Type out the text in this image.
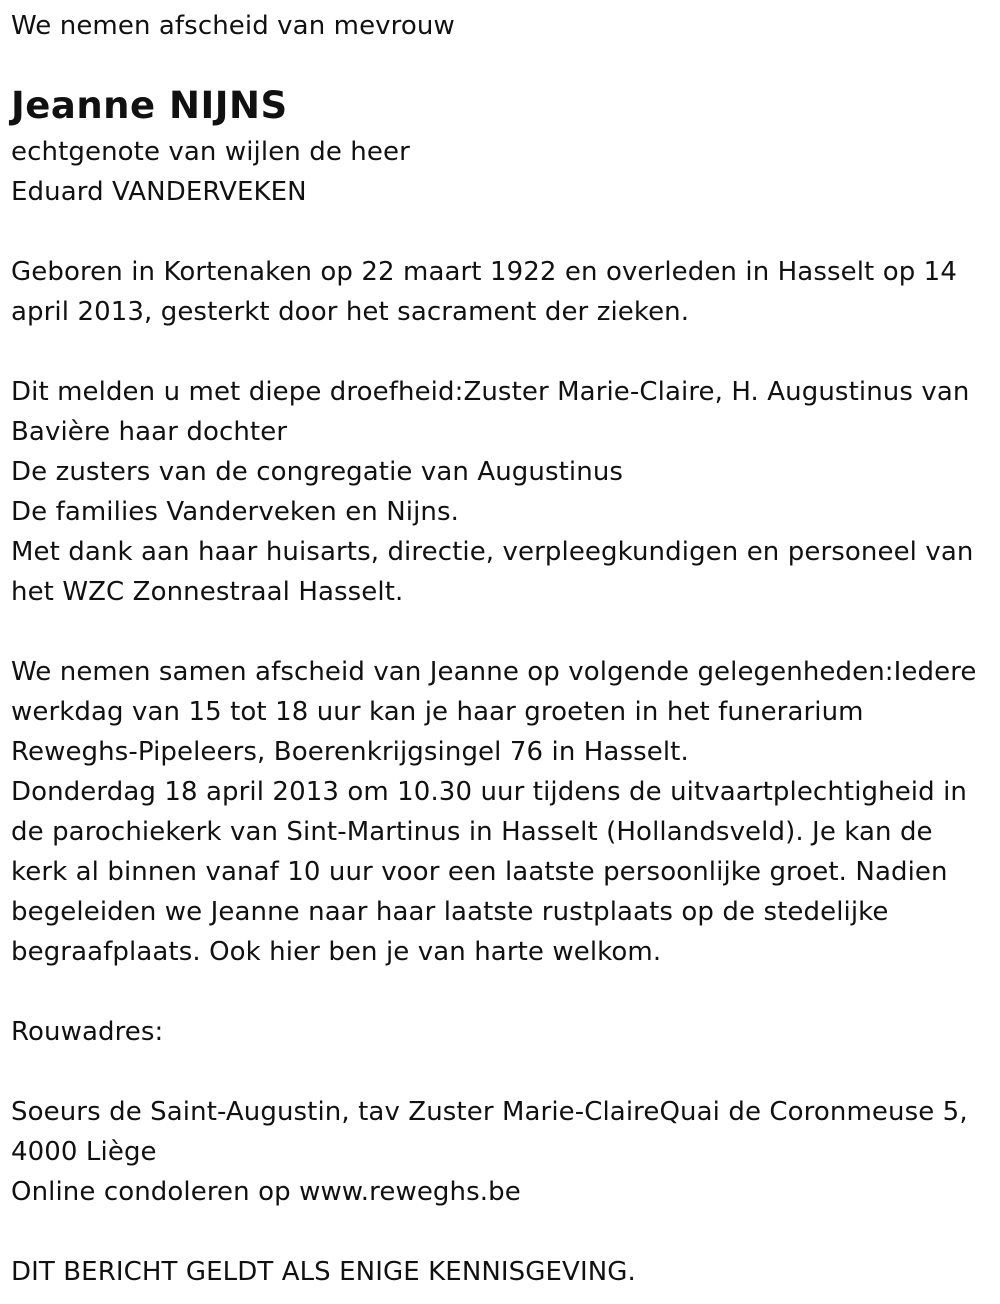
We nemen afscheid van mevrouw
Jeanne NIJNS
echtgenote van wijlen de heer
Eduard VANDERVEKEN
Geboren in Kortenaken op 22 maart 1922 en overleden in Hasselt op 14
april 2013, gesterkt door het sacrament der zieken.
Dit melden u met diepe droefheid:Zuster Marie-Claire, H. Augustinus van
Bavière haar dochter
De zusters van de congregatie van Augustinus
De families Vanderveken en Nijns.
Met dank aan haar huisarts, directie, verpleegkundigen en personeel van
het WZC Zonnestraal Hasselt.
We nemen samen afscheid van Jeanne op volgende gelegenheden:Iedere
werkdag van 15 tot 18 uur kan je haar groeten in het funerarium
Reweghs-Pipeleers, Boerenkrijgsingel 76 in Hasselt.
Donderdag 18 april 2013 om 10.30 uur tijdens de uitvaartplechtigheid in
de parochiekerk van Sint-Martinus in Hasselt (Hollandsveld). Je kan de
kerk al binnen vanaf 10 uur voor een laatste persoonlijke groet. Nadien
begeleiden we Jeanne naar haar laatste rustplaats op de stedelijke
begraafplaats. Ook hier ben je van harte welkom.
Rouwadres:
Soeurs de Saint-Augustin, tav Zuster Marie-ClaireQuai de Coronmeuse 5,
4000 Liège
Online condoleren op www.reweghs.be
DIT BERICHT GELDT ALS ENIGE KENNISGEVING.
